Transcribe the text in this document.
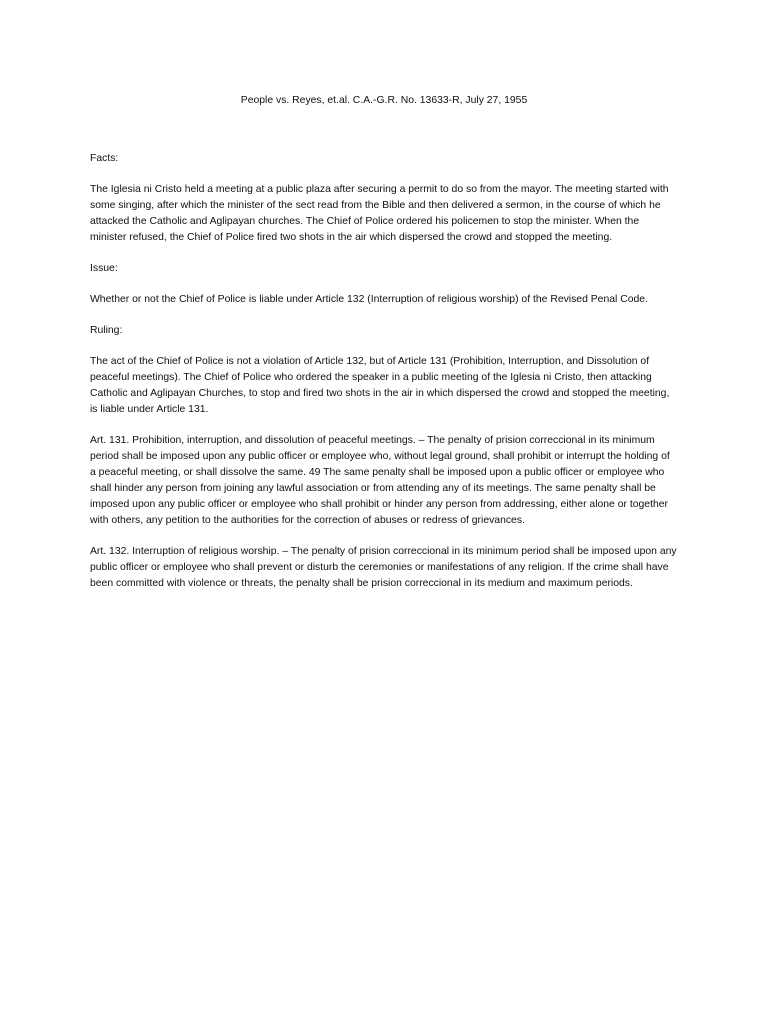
People vs. Reyes, et.al. C.A.-G.R. No. 13633-R, July 27, 1955
Facts:
The Iglesia ni Cristo held a meeting at a public plaza after securing a permit to do so from the mayor. The meeting started with some singing, after which the minister of the sect read from the Bible and then delivered a sermon, in the course of which he attacked the Catholic and Aglipayan churches. The Chief of Police ordered his policemen to stop the minister. When the minister refused, the Chief of Police fired two shots in the air which dispersed the crowd and stopped the meeting.
Issue:
Whether or not the Chief of Police is liable under Article 132 (Interruption of religious worship) of the Revised Penal Code.
Ruling:
The act of the Chief of Police is not a violation of Article 132, but of Article 131 (Prohibition, Interruption, and Dissolution of peaceful meetings). The Chief of Police who ordered the speaker in a public meeting of the Iglesia ni Cristo, then attacking Catholic and Aglipayan Churches, to stop and fired two shots in the air in which dispersed the crowd and stopped the meeting, is liable under Article 131.
Art. 131. Prohibition, interruption, and dissolution of peaceful meetings. – The penalty of prision correccional in its minimum period shall be imposed upon any public officer or employee who, without legal ground, shall prohibit or interrupt the holding of a peaceful meeting, or shall dissolve the same. 49 The same penalty shall be imposed upon a public officer or employee who shall hinder any person from joining any lawful association or from attending any of its meetings. The same penalty shall be imposed upon any public officer or employee who shall prohibit or hinder any person from addressing, either alone or together with others, any petition to the authorities for the correction of abuses or redress of grievances.
Art. 132. Interruption of religious worship. – The penalty of prision correccional in its minimum period shall be imposed upon any public officer or employee who shall prevent or disturb the ceremonies or manifestations of any religion. If the crime shall have been committed with violence or threats, the penalty shall be prision correccional in its medium and maximum periods.
